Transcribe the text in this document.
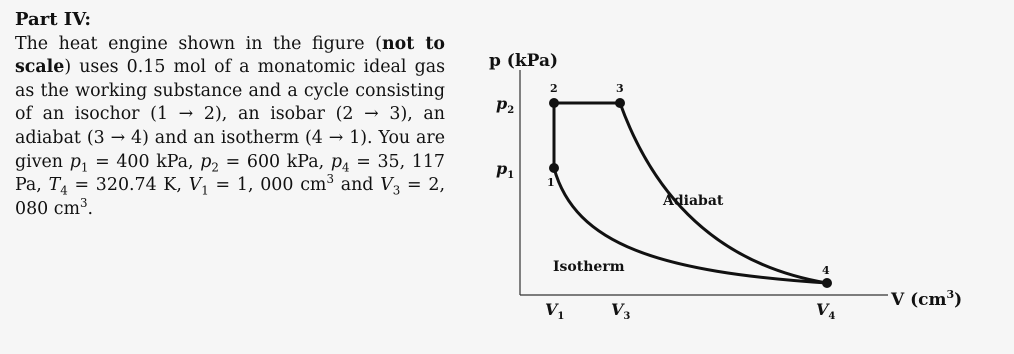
Part IV:
The heat engine shown in the figure (not to scale) uses 0.15 mol of a monatomic ideal gas as the working substance and a cycle consisting of an isochor (1 → 2), an isobar (2 → 3), an adiabat (3 → 4) and an isotherm (4 → 1). You are given $p_1 = 400$ kPa, $p_2 = 600$ kPa, $p_4 = 35$, 117 Pa, $T_4 = 320.74$ K, $V_1 = 1$, 000 $cm^3$ and $V_3 = 2$, 080 $cm^3$.
p (kPa)
V $(cm^3)$
$p_2$
$p_1$
$V_1$	$V_3$	$V_4$
1
2	3
4
Adiabat
Isotherm
